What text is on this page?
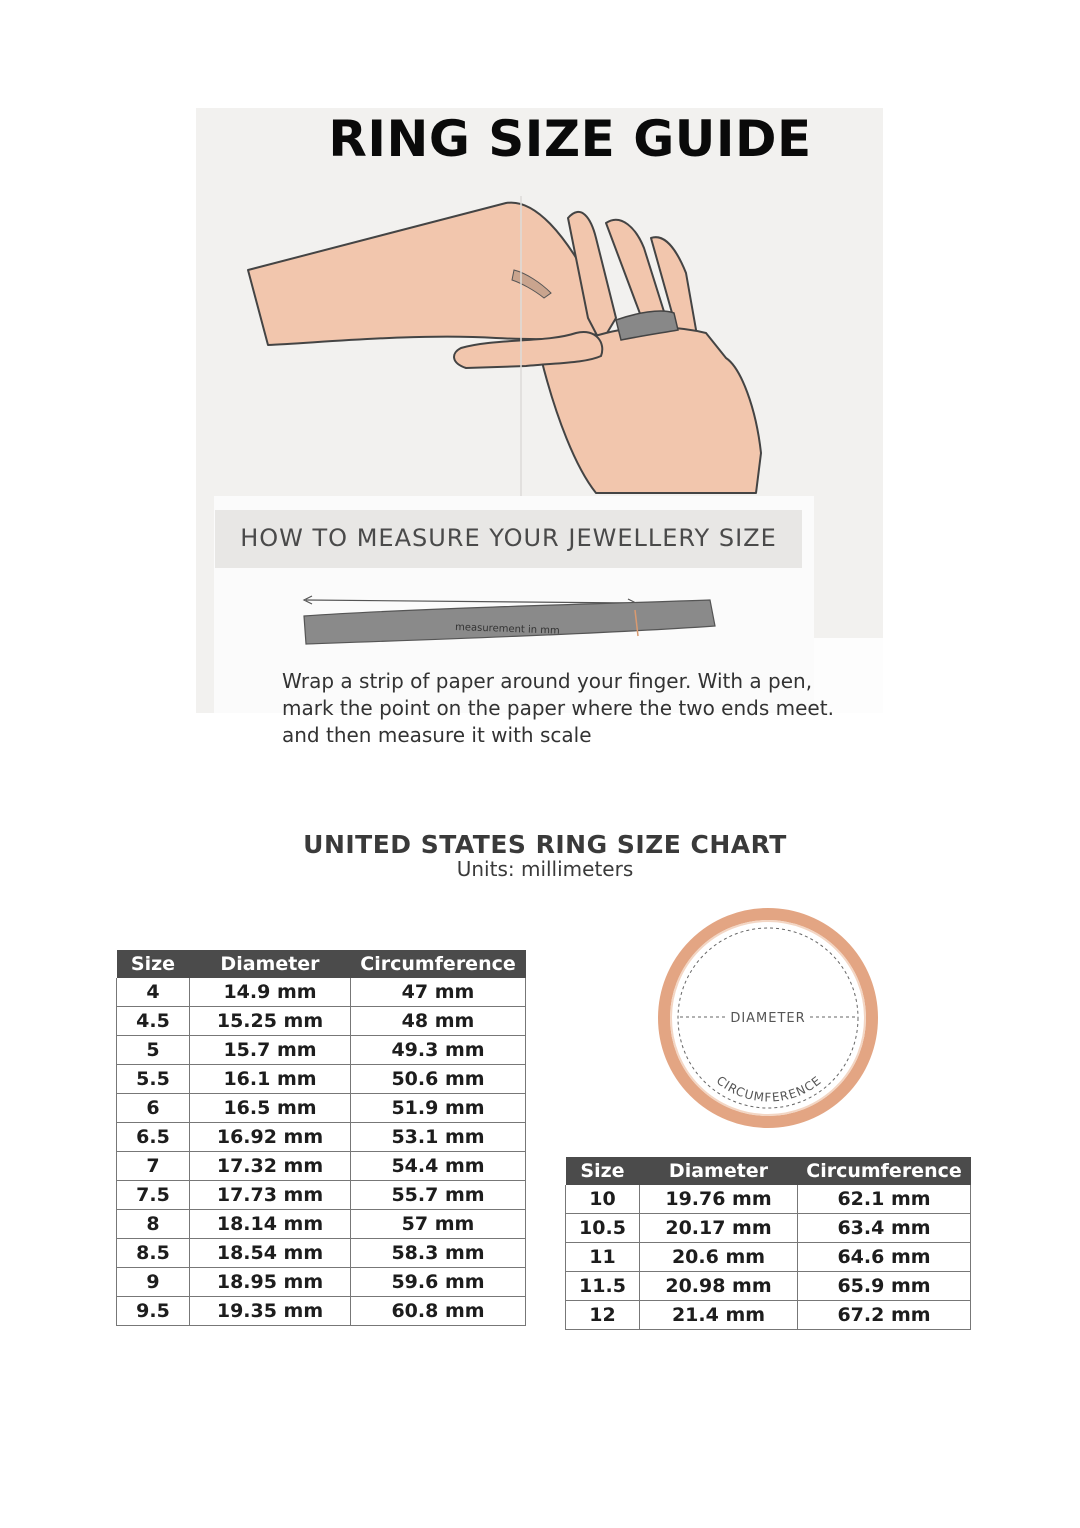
RING SIZE GUIDE
HOW TO MEASURE YOUR JEWELLERY SIZE
measurement in mm
Wrap a strip of paper around your finger. With a pen,
mark the point on the paper where the two ends meet.
and then measure it with scale
UNITED STATES RING SIZE CHART
Units: millimeters
Size	Diameter	Circumference
4	14.9 mm	47 mm
4.5	15.25 mm	48 mm
5	15.7 mm	49.3 mm
5.5	16.1 mm	50.6 mm
6	16.5 mm	51.9 mm
6.5	16.92 mm	53.1 mm
7	17.32 mm	54.4 mm
7.5	17.73 mm	55.7 mm
8	18.14 mm	57 mm
8.5	18.54 mm	58.3 mm
9	18.95 mm	59.6 mm
9.5	19.35 mm	60.8 mm
Size	Diameter	Circumference
10	19.76 mm	62.1 mm
10.5	20.17 mm	63.4 mm
11	20.6 mm	64.6 mm
11.5	20.98 mm	65.9 mm
12	21.4 mm	67.2 mm
DIAMETER
CIRCUMFERENCE
